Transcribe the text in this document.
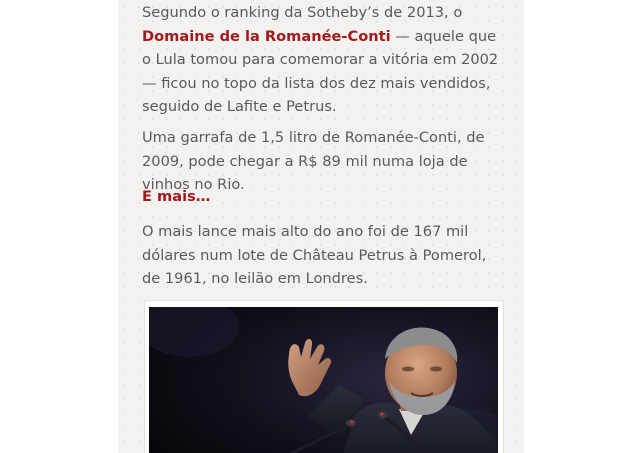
Segundo o ranking da Sotheby’s de 2013, o Domaine de la Romanée-Conti — aquele que o Lula tomou para comemorar a vitória em 2002 — ficou no topo da lista dos dez mais vendidos, seguido de Lafite e Petrus.

Uma garrafa de 1,5 litro de Romanée-Conti, de 2009, pode chegar a R$ 89 mil numa loja de vinhos no Rio.

E mais…

O mais lance mais alto do ano foi de 167 mil dólares num lote de Château Petrus à Pomerol, de 1961, no leilão em Londres.
